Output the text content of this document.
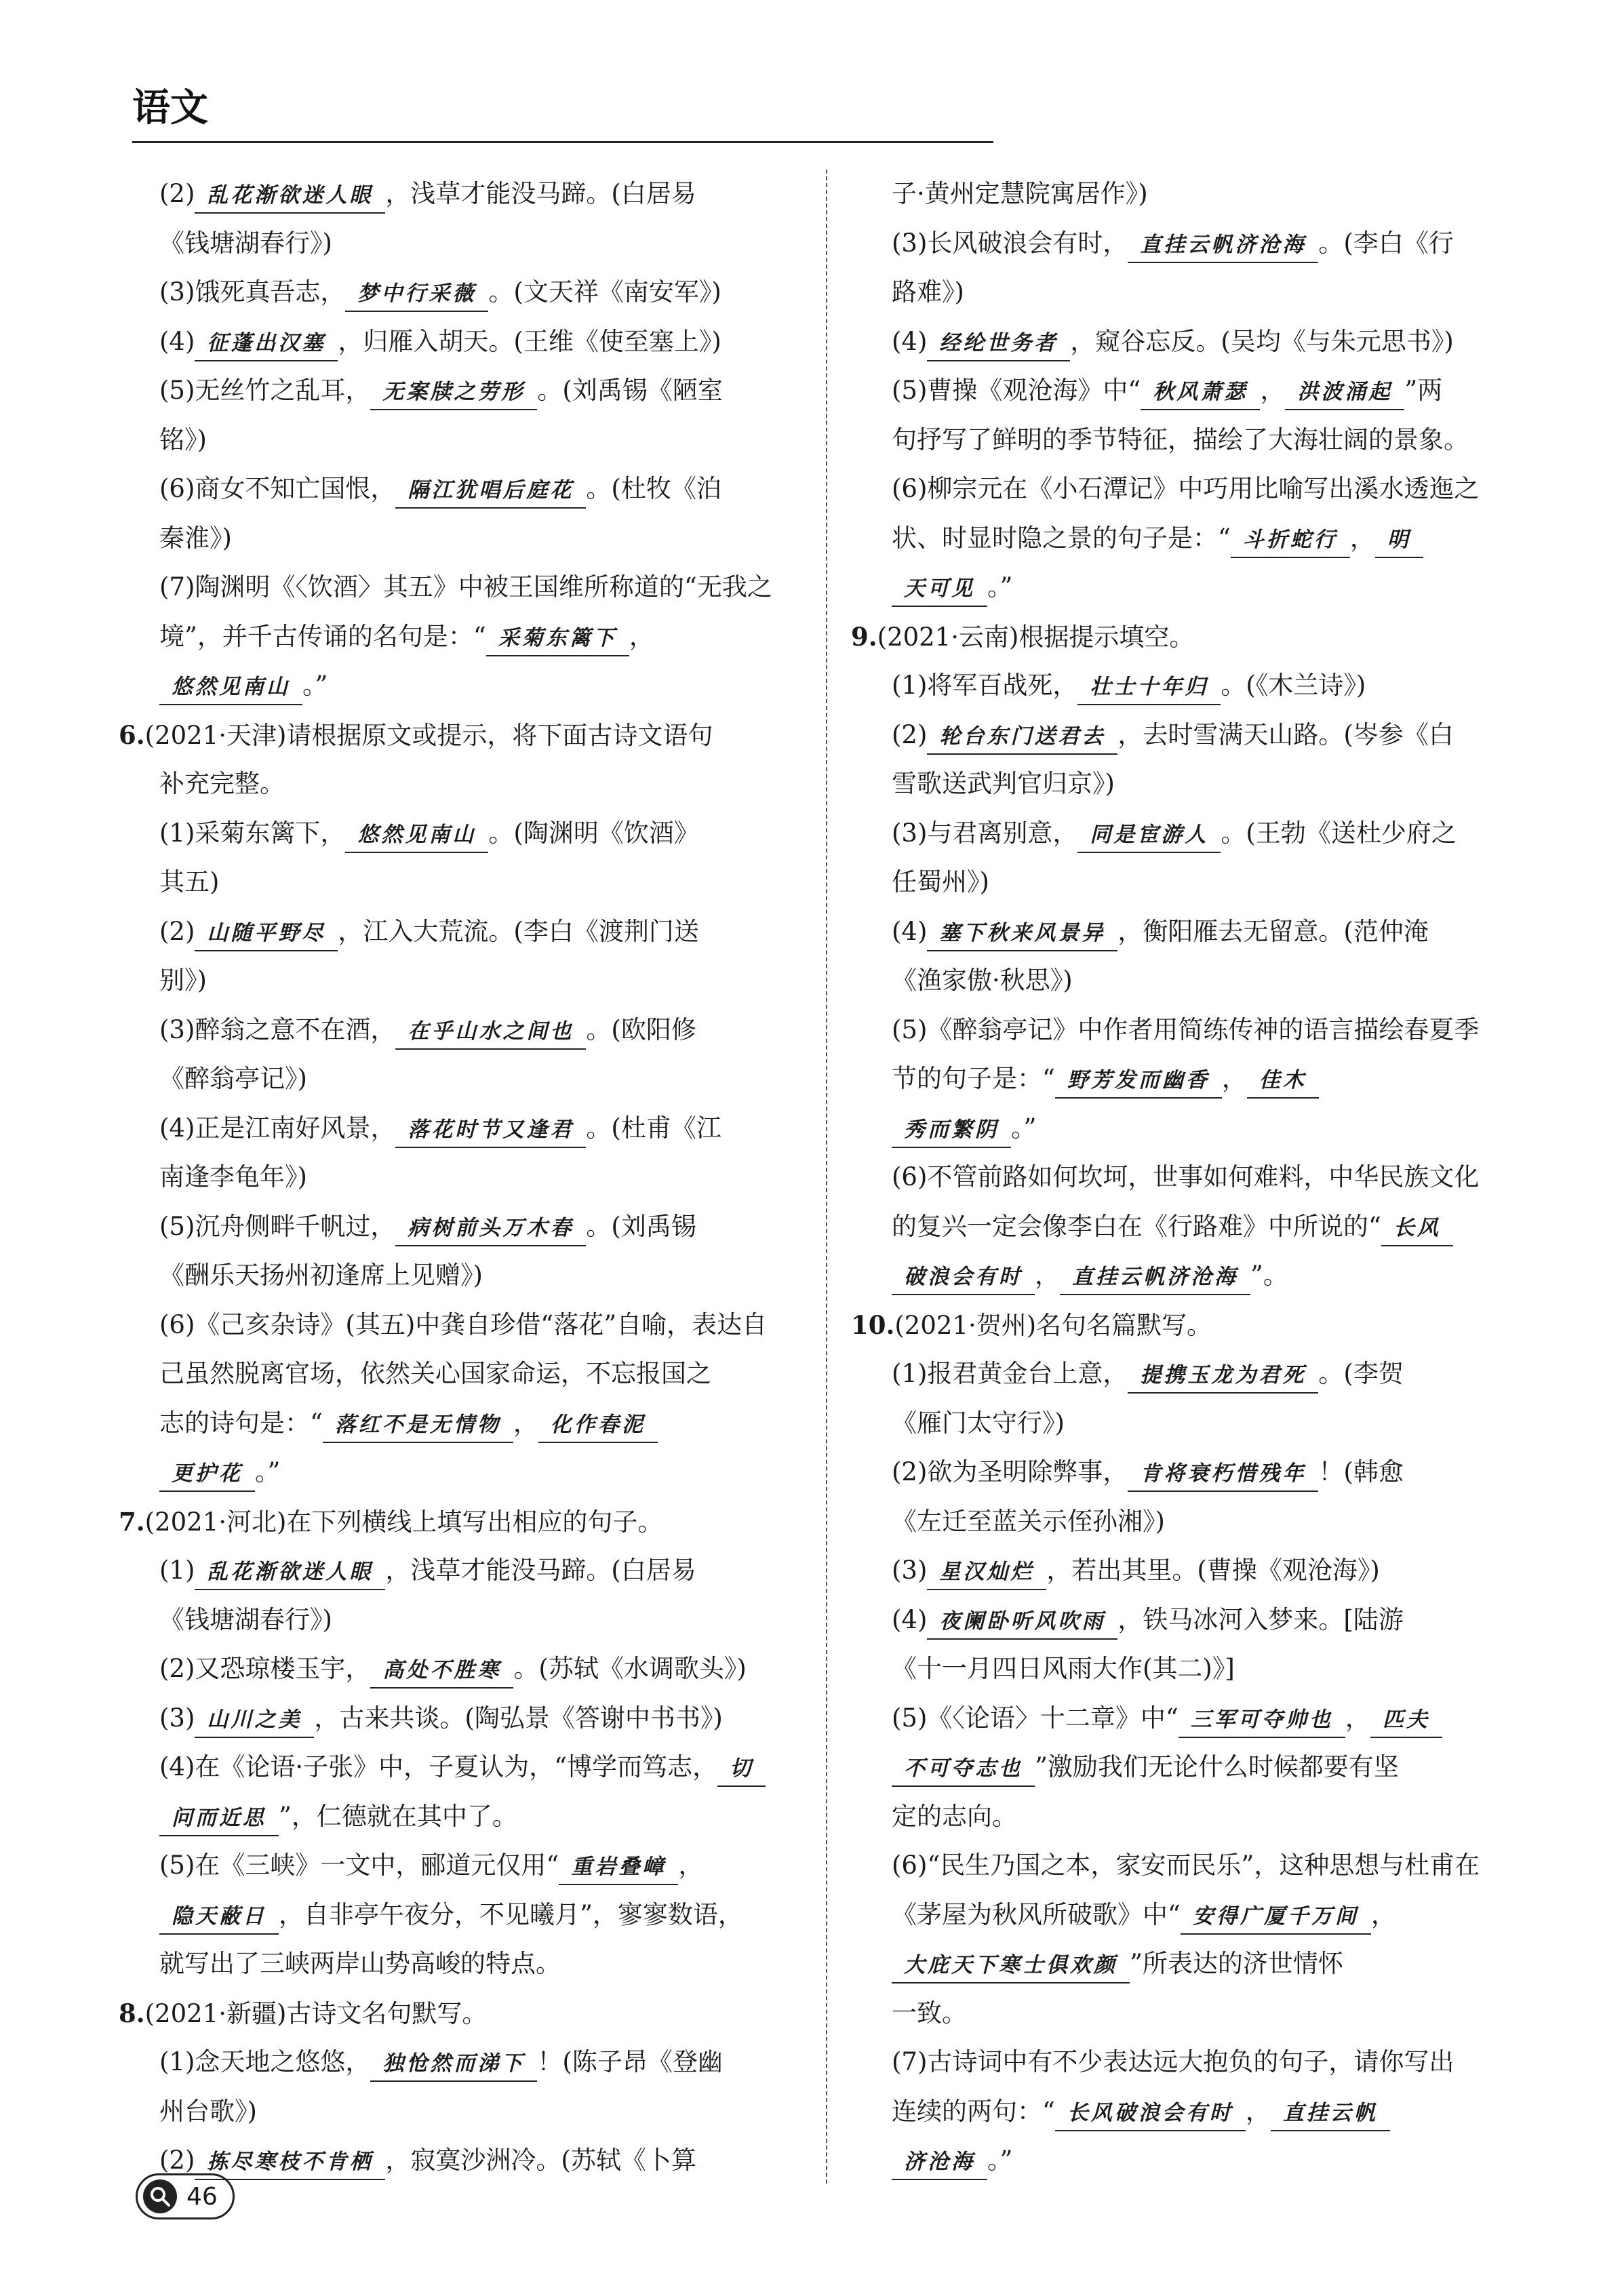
语文
(2) 乱花渐欲迷人眼 ，浅草才能没马蹄。(白居易
《钱塘湖春行》)
(3)饿死真吾志， 梦中行采薇 。(文天祥《南安军》)
(4) 征蓬出汉塞 ，归雁入胡天。(王维《使至塞上》)
(5)无丝竹之乱耳， 无案牍之劳形 。(刘禹锡《陋室
铭》)
(6)商女不知亡国恨， 隔江犹唱后庭花 。(杜牧《泊
秦淮》)
(7)陶渊明《〈饮酒〉其五》中被王国维所称道的“无我之
境”，并千古传诵的名句是：“ 采菊东篱下 ，
悠然见南山 。”
6.(2021·天津)请根据原文或提示，将下面古诗文语句
补充完整。
(1)采菊东篱下， 悠然见南山 。(陶渊明《饮酒》
其五)
(2) 山随平野尽 ，江入大荒流。(李白《渡荆门送
别》)
(3)醉翁之意不在酒， 在乎山水之间也 。(欧阳修
《醉翁亭记》)
(4)正是江南好风景， 落花时节又逢君 。(杜甫《江
南逢李龟年》)
(5)沉舟侧畔千帆过， 病树前头万木春 。(刘禹锡
《酬乐天扬州初逢席上见赠》)
(6)《己亥杂诗》(其五)中龚自珍借“落花”自喻，表达自
己虽然脱离官场，依然关心国家命运，不忘报国之
志的诗句是：“ 落红不是无情物 ， 化作春泥
更护花 。”
7.(2021·河北)在下列横线上填写出相应的句子。
(1) 乱花渐欲迷人眼 ，浅草才能没马蹄。(白居易
《钱塘湖春行》)
(2)又恐琼楼玉宇， 高处不胜寒 。(苏轼《水调歌头》)
(3) 山川之美 ，古来共谈。(陶弘景《答谢中书书》)
(4)在《论语·子张》中，子夏认为，“博学而笃志， 切
问而近思 ”，仁德就在其中了。
(5)在《三峡》一文中，郦道元仅用“ 重岩叠嶂 ，
隐天蔽日 ，自非亭午夜分，不见曦月”，寥寥数语，
就写出了三峡两岸山势高峻的特点。
8.(2021·新疆)古诗文名句默写。
(1)念天地之悠悠， 独怆然而涕下 ！(陈子昂《登幽
州台歌》)
(2) 拣尽寒枝不肯栖 ，寂寞沙洲冷。(苏轼《卜算
子·黄州定慧院寓居作》)
(3)长风破浪会有时， 直挂云帆济沧海 。(李白《行
路难》)
(4) 经纶世务者 ，窥谷忘反。(吴均《与朱元思书》)
(5)曹操《观沧海》中“ 秋风萧瑟 ， 洪波涌起 ”两
句抒写了鲜明的季节特征，描绘了大海壮阔的景象。
(6)柳宗元在《小石潭记》中巧用比喻写出溪水透迤之
状、时显时隐之景的句子是：“ 斗折蛇行 ， 明
天可见 。”
9.(2021·云南)根据提示填空。
(1)将军百战死， 壮士十年归 。(《木兰诗》)
(2) 轮台东门送君去 ，去时雪满天山路。(岑参《白
雪歌送武判官归京》)
(3)与君离别意， 同是宦游人 。(王勃《送杜少府之
任蜀州》)
(4) 塞下秋来风景异 ，衡阳雁去无留意。(范仲淹
《渔家傲·秋思》)
(5)《醉翁亭记》中作者用简练传神的语言描绘春夏季
节的句子是：“ 野芳发而幽香 ， 佳木
秀而繁阴 。”
(6)不管前路如何坎坷，世事如何难料，中华民族文化
的复兴一定会像李白在《行路难》中所说的“ 长风
破浪会有时 ， 直挂云帆济沧海 ”。
10.(2021·贺州)名句名篇默写。
(1)报君黄金台上意， 提携玉龙为君死 。(李贺
《雁门太守行》)
(2)欲为圣明除弊事， 肯将衰朽惜残年 ！(韩愈
《左迁至蓝关示侄孙湘》)
(3) 星汉灿烂 ，若出其里。(曹操《观沧海》)
(4) 夜阑卧听风吹雨 ，铁马冰河入梦来。[陆游
《十一月四日风雨大作(其二)》]
(5)《〈论语〉十二章》中“ 三军可夺帅也 ， 匹夫
不可夺志也 ”激励我们无论什么时候都要有坚
定的志向。
(6)“民生乃国之本，家安而民乐”，这种思想与杜甫在
《茅屋为秋风所破歌》中“ 安得广厦千万间 ，
大庇天下寒士俱欢颜 ”所表达的济世情怀
一致。
(7)古诗词中有不少表达远大抱负的句子，请你写出
连续的两句：“ 长风破浪会有时 ， 直挂云帆
济沧海 。”
46
